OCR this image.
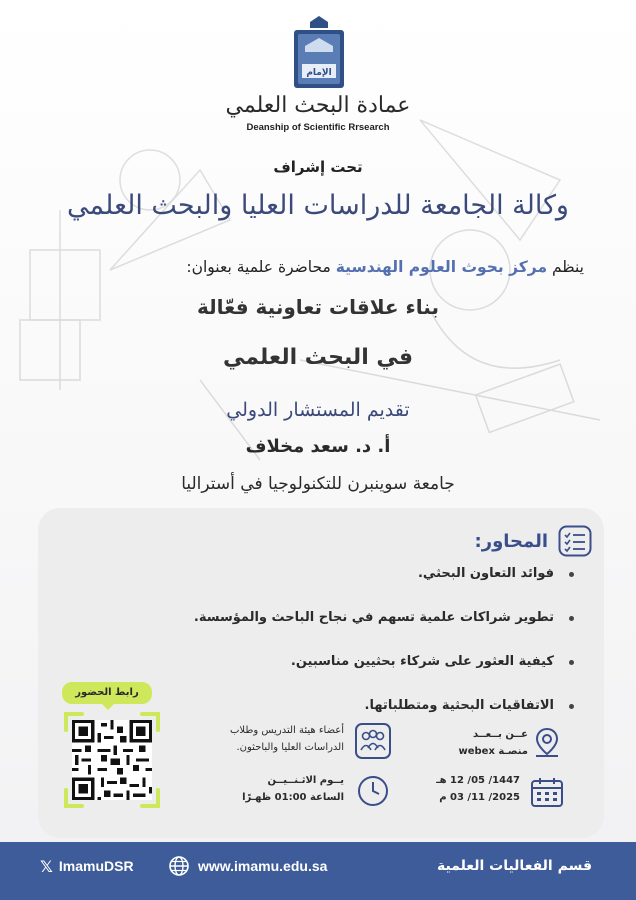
الإمام
عمادة البحث العلمي
Deanship of Scientific Rrsearch
تحت إشراف
وكالة الجامعة للدراسات العليا والبحث العلمي
ينظم مركز بحوث العلوم الهندسية محاضرة علمية بعنوان:
بناء علاقات تعاونية فعّالة
في البحث العلمي
تقديم المستشار الدولي
أ. د. سعد مخلاف
جامعة سوينبرن للتكنولوجيا في أستراليا
المحاور:
فوائد التعاون البحثي.
تطوير شراكات علمية تسهم في نجاح الباحث والمؤسسة.
كيفية العثور على شركاء بحثيين مناسبين.
الاتفاقيات البحثية ومتطلباتها.
عــن بــعــد
منصـة webex
أعضاء هيئة التدريس وطلاب
الدراسات العليا والباحثون.
1447/ 05/ 12 هـ
2025/ 11/ 03 م
يــوم الاثـنــيــن
الساعة 01:00 ظهـرًا
رابط الحضور
قسم الفعاليات العلمية
www.imamu.edu.sa
𝕏 ImamuDSR
